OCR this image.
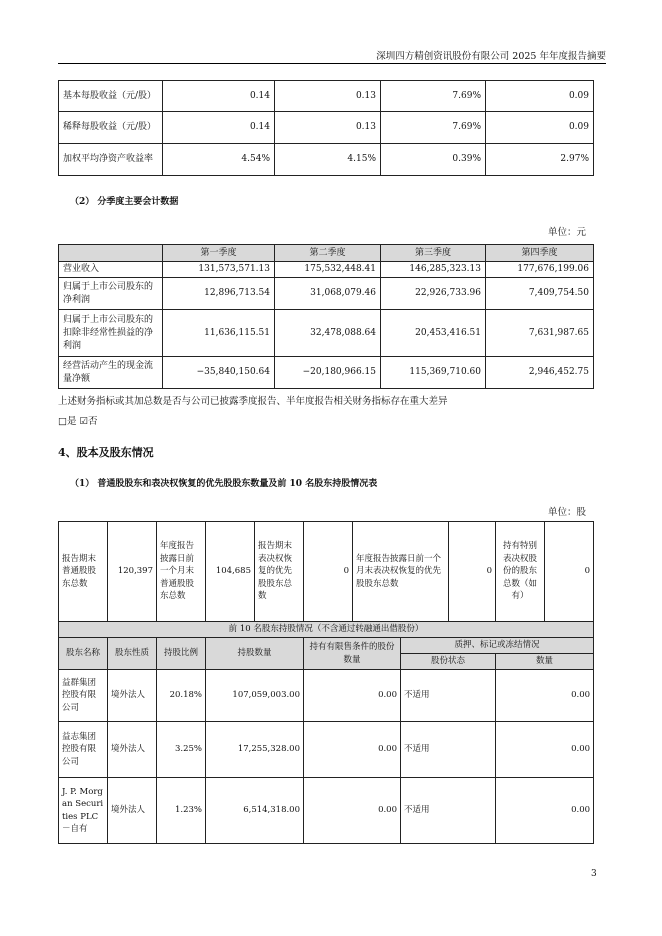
深圳四方精创资讯股份有限公司 2025 年年度报告摘要
基本每股收益（元/股）	0.14	0.13	7.69%	0.09
稀释每股收益（元/股）	0.14	0.13	7.69%	0.09
加权平均净资产收益率	4.54%	4.15%	0.39%	2.97%
（2） 分季度主要会计数据
单位：元
	第一季度	第二季度	第三季度	第四季度
营业收入	131,573,571.13	175,532,448.41	146,285,323.13	177,676,199.06
归属于上市公司股东的净利润	12,896,713.54	31,068,079.46	22,926,733.96	7,409,754.50
归属于上市公司股东的扣除非经常性损益的净利润	11,636,115.51	32,478,088.64	20,453,416.51	7,631,987.65
经营活动产生的现金流量净额	−35,840,150.64	−20,180,966.15	115,369,710.60	2,946,452.75
上述财务指标或其加总数是否与公司已披露季度报告、半年度报告相关财务指标存在重大差异
□是 ☑否
4、股本及股东情况
（1） 普通股股东和表决权恢复的优先股股东数量及前 10 名股东持股情况表
单位：股
报告期末普通股股东总数	120,397	年度报告披露日前一个月末普通股股东总数	104,685	报告期末表决权恢复的优先股股东总数	0	年度报告披露日前一个月末表决权恢复的优先股股东总数		0	持有特别表决权股份的股东总数（如有）	0
前 10 名股东持股情况（不含通过转融通出借股份）										
股东名称	股东性质	持股比例	持股数量		持有有限售条件的股份数量		质押、标记或冻结情况			
							股份状态		数量	
益群集团控股有限公司	境外法人	20.18%	107,059,003.00		0.00		不适用		0.00	
益志集团控股有限公司	境外法人	3.25%	17,255,328.00		0.00		不适用		0.00	
J. P. Morgan Securities PLC－自有	境外法人	1.23%	6,514,318.00		0.00		不适用		0.00	
3
